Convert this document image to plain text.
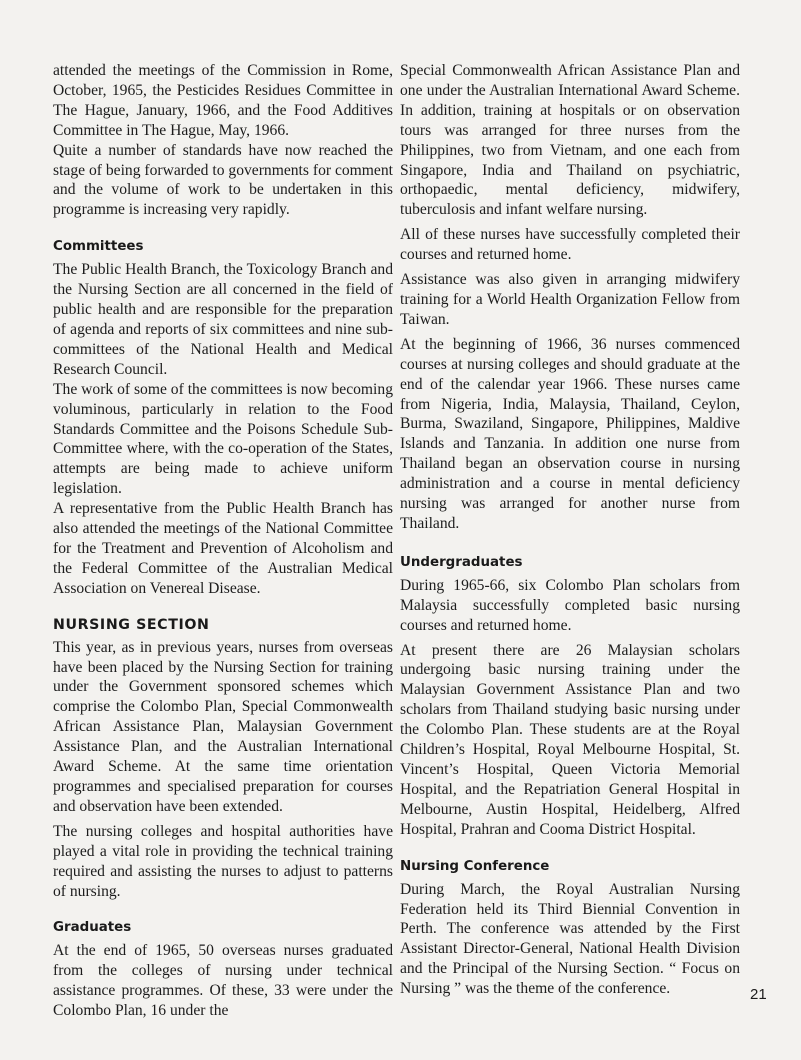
attended the meetings of the Commission in Rome, October, 1965, the Pesticides Residues Committee in The Hague, January, 1966, and the Food Additives Committee in The Hague, May, 1966.

Quite a number of standards have now reached the stage of being forwarded to governments for comment and the volume of work to be undertaken in this programme is increasing very rapidly.

Committees

The Public Health Branch, the Toxicology Branch and the Nursing Section are all concerned in the field of public health and are responsible for the preparation of agenda and reports of six committees and nine sub-committees of the National Health and Medical Research Council.

The work of some of the committees is now becoming voluminous, particularly in relation to the Food Standards Committee and the Poisons Schedule Sub-Committee where, with the co-operation of the States, attempts are being made to achieve uniform legislation.

A representative from the Public Health Branch has also attended the meetings of the National Committee for the Treatment and Prevention of Alcoholism and the Federal Committee of the Australian Medical Association on Venereal Disease.

NURSING SECTION

This year, as in previous years, nurses from overseas have been placed by the Nursing Section for training under the Government sponsored schemes which comprise the Colombo Plan, Special Commonwealth African Assistance Plan, Malaysian Government Assistance Plan, and the Australian International Award Scheme. At the same time orientation programmes and specialised preparation for courses and observation have been extended.

The nursing colleges and hospital authorities have played a vital role in providing the technical training required and assisting the nurses to adjust to patterns of nursing.

Graduates

At the end of 1965, 50 overseas nurses graduated from the colleges of nursing under technical assistance programmes. Of these, 33 were under the Colombo Plan, 16 under the

Special Commonwealth African Assistance Plan and one under the Australian International Award Scheme. In addition, training at hospitals or on observation tours was arranged for three nurses from the Philippines, two from Vietnam, and one each from Singapore, India and Thailand on psychiatric, orthopaedic, mental deficiency, midwifery, tuberculosis and infant welfare nursing.

All of these nurses have successfully completed their courses and returned home.

Assistance was also given in arranging midwifery training for a World Health Organization Fellow from Taiwan.

At the beginning of 1966, 36 nurses commenced courses at nursing colleges and should graduate at the end of the calendar year 1966. These nurses came from Nigeria, India, Malaysia, Thailand, Ceylon, Burma, Swaziland, Singapore, Philippines, Maldive Islands and Tanzania. In addition one nurse from Thailand began an observation course in nursing administration and a course in mental deficiency nursing was arranged for another nurse from Thailand.

Undergraduates

During 1965-66, six Colombo Plan scholars from Malaysia successfully completed basic nursing courses and returned home.

At present there are 26 Malaysian scholars undergoing basic nursing training under the Malaysian Government Assistance Plan and two scholars from Thailand studying basic nursing under the Colombo Plan. These students are at the Royal Children’s Hospital, Royal Melbourne Hospital, St. Vincent’s Hospital, Queen Victoria Memorial Hospital, and the Repatriation General Hospital in Melbourne, Austin Hospital, Heidelberg, Alfred Hospital, Prahran and Cooma District Hospital.

Nursing Conference

During March, the Royal Australian Nursing Federation held its Third Biennial Convention in Perth. The conference was attended by the First Assistant Director-General, National Health Division and the Principal of the Nursing Section. “ Focus on Nursing ” was the theme of the conference.	21
